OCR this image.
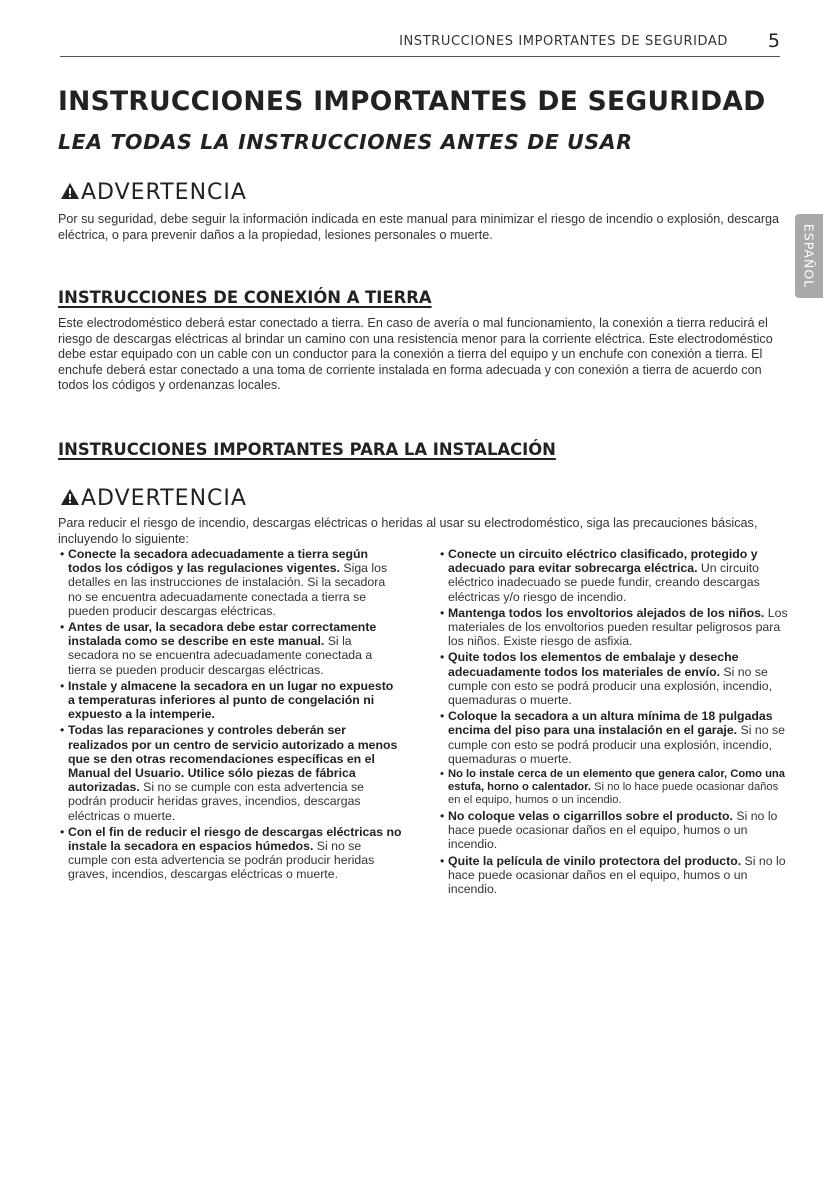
INSTRUCCIONES IMPORTANTES DE SEGURIDAD 5
ESPAÑOL
INSTRUCCIONES IMPORTANTES DE SEGURIDAD
LEA TODAS LA INSTRUCCIONES ANTES DE USAR
ADVERTENCIA

Por su seguridad, debe seguir la información indicada en este manual para minimizar el riesgo de incendio o explosión, descarga eléctrica, o para prevenir daños a la propiedad, lesiones personales o muerte.

INSTRUCCIONES DE CONEXIÓN A TIERRA

Este electrodoméstico deberá estar conectado a tierra. En caso de avería o mal funcionamiento, la conexión a tierra reducirá el riesgo de descargas eléctricas al brindar un camino con una resistencia menor para la corriente eléctrica. Este electrodoméstico debe estar equipado con un cable con un conductor para la conexión a tierra del equipo y un enchufe con conexión a tierra. El enchufe deberá estar conectado a una toma de corriente instalada en forma adecuada y con conexión a tierra de acuerdo con todos los códigos y ordenanzas locales.

INSTRUCCIONES IMPORTANTES PARA LA INSTALACIÓN
ADVERTENCIA

Para reducir el riesgo de incendio, descargas eléctricas o heridas al usar su electrodoméstico, siga las precauciones básicas, incluyendo lo siguiente:

• Conecte la secadora adecuadamente a tierra según todos los códigos y las regulaciones vigentes. Siga los detalles en las instrucciones de instalación. Si la secadora no se encuentra adecuadamente conectada a tierra se pueden producir descargas eléctricas.
• Antes de usar, la secadora debe estar correctamente instalada como se describe en este manual. Si la secadora no se encuentra adecuadamente conectada a tierra se pueden producir descargas eléctricas.
• Instale y almacene la secadora en un lugar no expuesto a temperaturas inferiores al punto de congelación ni expuesto a la intemperie.
• Todas las reparaciones y controles deberán ser realizados por un centro de servicio autorizado a menos que se den otras recomendaciones específicas en el Manual del Usuario. Utilice sólo piezas de fábrica autorizadas. Si no se cumple con esta advertencia se podrán producir heridas graves, incendios, descargas eléctricas o muerte.
• Con el fin de reducir el riesgo de descargas eléctricas no instale la secadora en espacios húmedos. Si no se cumple con esta advertencia se podrán producir heridas graves, incendios, descargas eléctricas o muerte.
• Conecte un circuito eléctrico clasificado, protegido y adecuado para evitar sobrecarga eléctrica. Un circuito eléctrico inadecuado se puede fundir, creando descargas eléctricas y/o riesgo de incendio.
• Mantenga todos los envoltorios alejados de los niños. Los materiales de los envoltorios pueden resultar peligrosos para los niños. Existe riesgo de asfixia.
• Quite todos los elementos de embalaje y deseche adecuadamente todos los materiales de envío. Si no se cumple con esto se podrá producir una explosión, incendio, quemaduras o muerte.
• Coloque la secadora a un altura mínima de 18 pulgadas encima del piso para una instalación en el garaje. Si no se cumple con esto se podrá producir una explosión, incendio, quemaduras o muerte.
• No lo instale cerca de un elemento que genera calor, Como una estufa, horno o calentador. Si no lo hace puede ocasionar daños en el equipo, humos o un incendio.
• No coloque velas o cigarrillos sobre el producto. Si no lo hace puede ocasionar daños en el equipo, humos o un incendio.
• Quite la película de vinilo protectora del producto. Si no lo hace puede ocasionar daños en el equipo, humos o un incendio.
